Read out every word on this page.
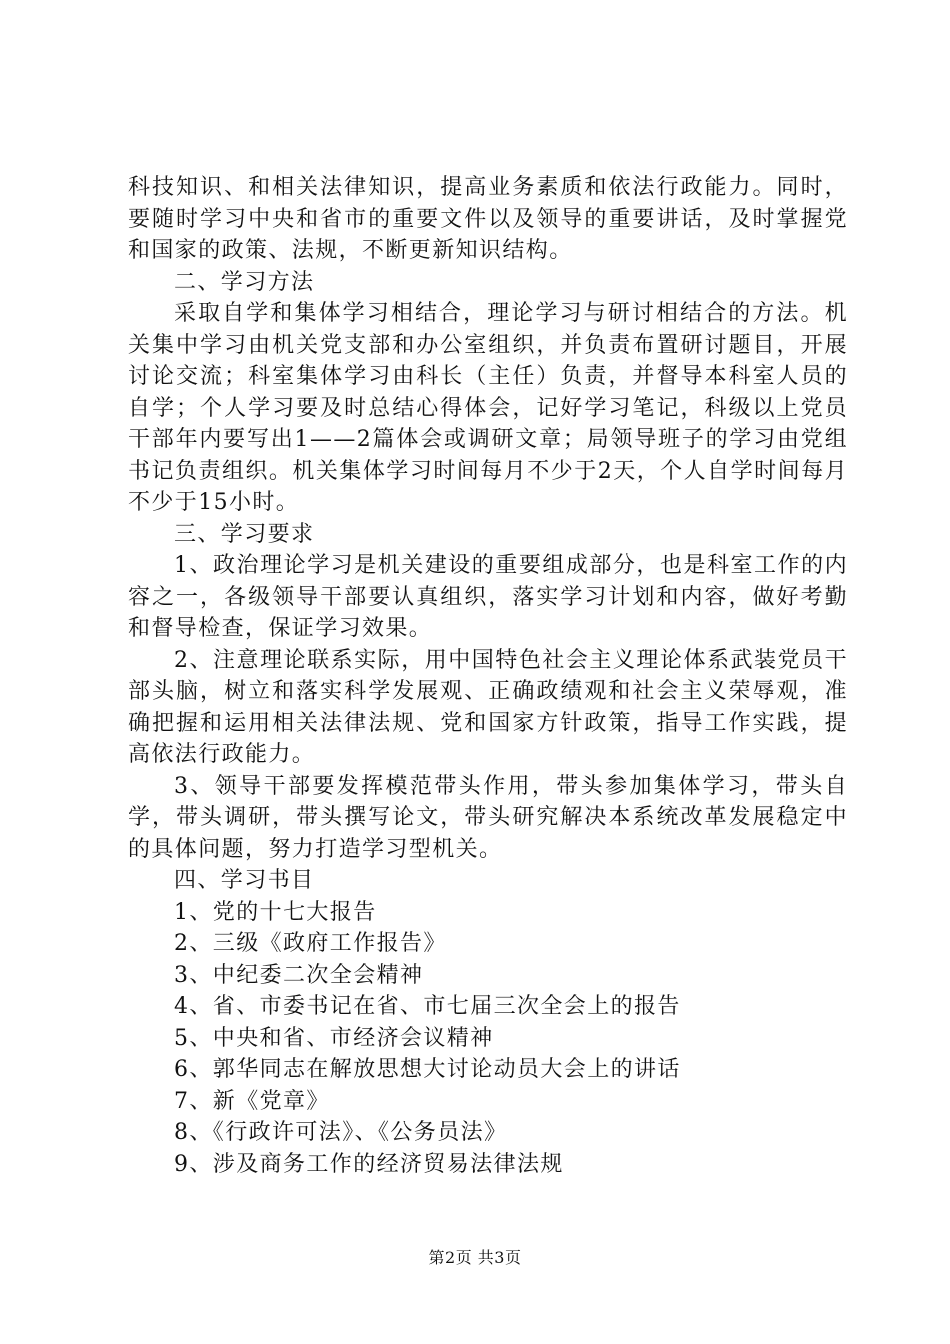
科技知识、和相关法律知识，提高业务素质和依法行政能力。同时，要随时学习中央和省市的重要文件以及领导的重要讲话，及时掌握党和国家的政策、法规，不断更新知识结构。

二、学习方法

采取自学和集体学习相结合，理论学习与研讨相结合的方法。机关集中学习由机关党支部和办公室组织，并负责布置研讨题目，开展讨论交流；科室集体学习由科长（主任）负责，并督导本科室人员的自学；个人学习要及时总结心得体会，记好学习笔记，科级以上党员干部年内要写出1——2篇体会或调研文章；局领导班子的学习由党组书记负责组织。机关集体学习时间每月不少于2天，个人自学时间每月不少于15小时。

三、学习要求

1、政治理论学习是机关建设的重要组成部分，也是科室工作的内容之一，各级领导干部要认真组织，落实学习计划和内容，做好考勤和督导检查，保证学习效果。

2、注意理论联系实际，用中国特色社会主义理论体系武装党员干部头脑，树立和落实科学发展观、正确政绩观和社会主义荣辱观，准确把握和运用相关法律法规、党和国家方针政策，指导工作实践，提高依法行政能力。

3、领导干部要发挥模范带头作用，带头参加集体学习，带头自学，带头调研，带头撰写论文，带头研究解决本系统改革发展稳定中的具体问题，努力打造学习型机关。

四、学习书目

1、党的十七大报告

2、三级《政府工作报告》

3、中纪委二次全会精神

4、省、市委书记在省、市七届三次全会上的报告

5、中央和省、市经济会议精神

6、郭华同志在解放思想大讨论动员大会上的讲话

7、新《党章》

8、《行政许可法》、《公务员法》

9、涉及商务工作的经济贸易法律法规

第2页 共3页
